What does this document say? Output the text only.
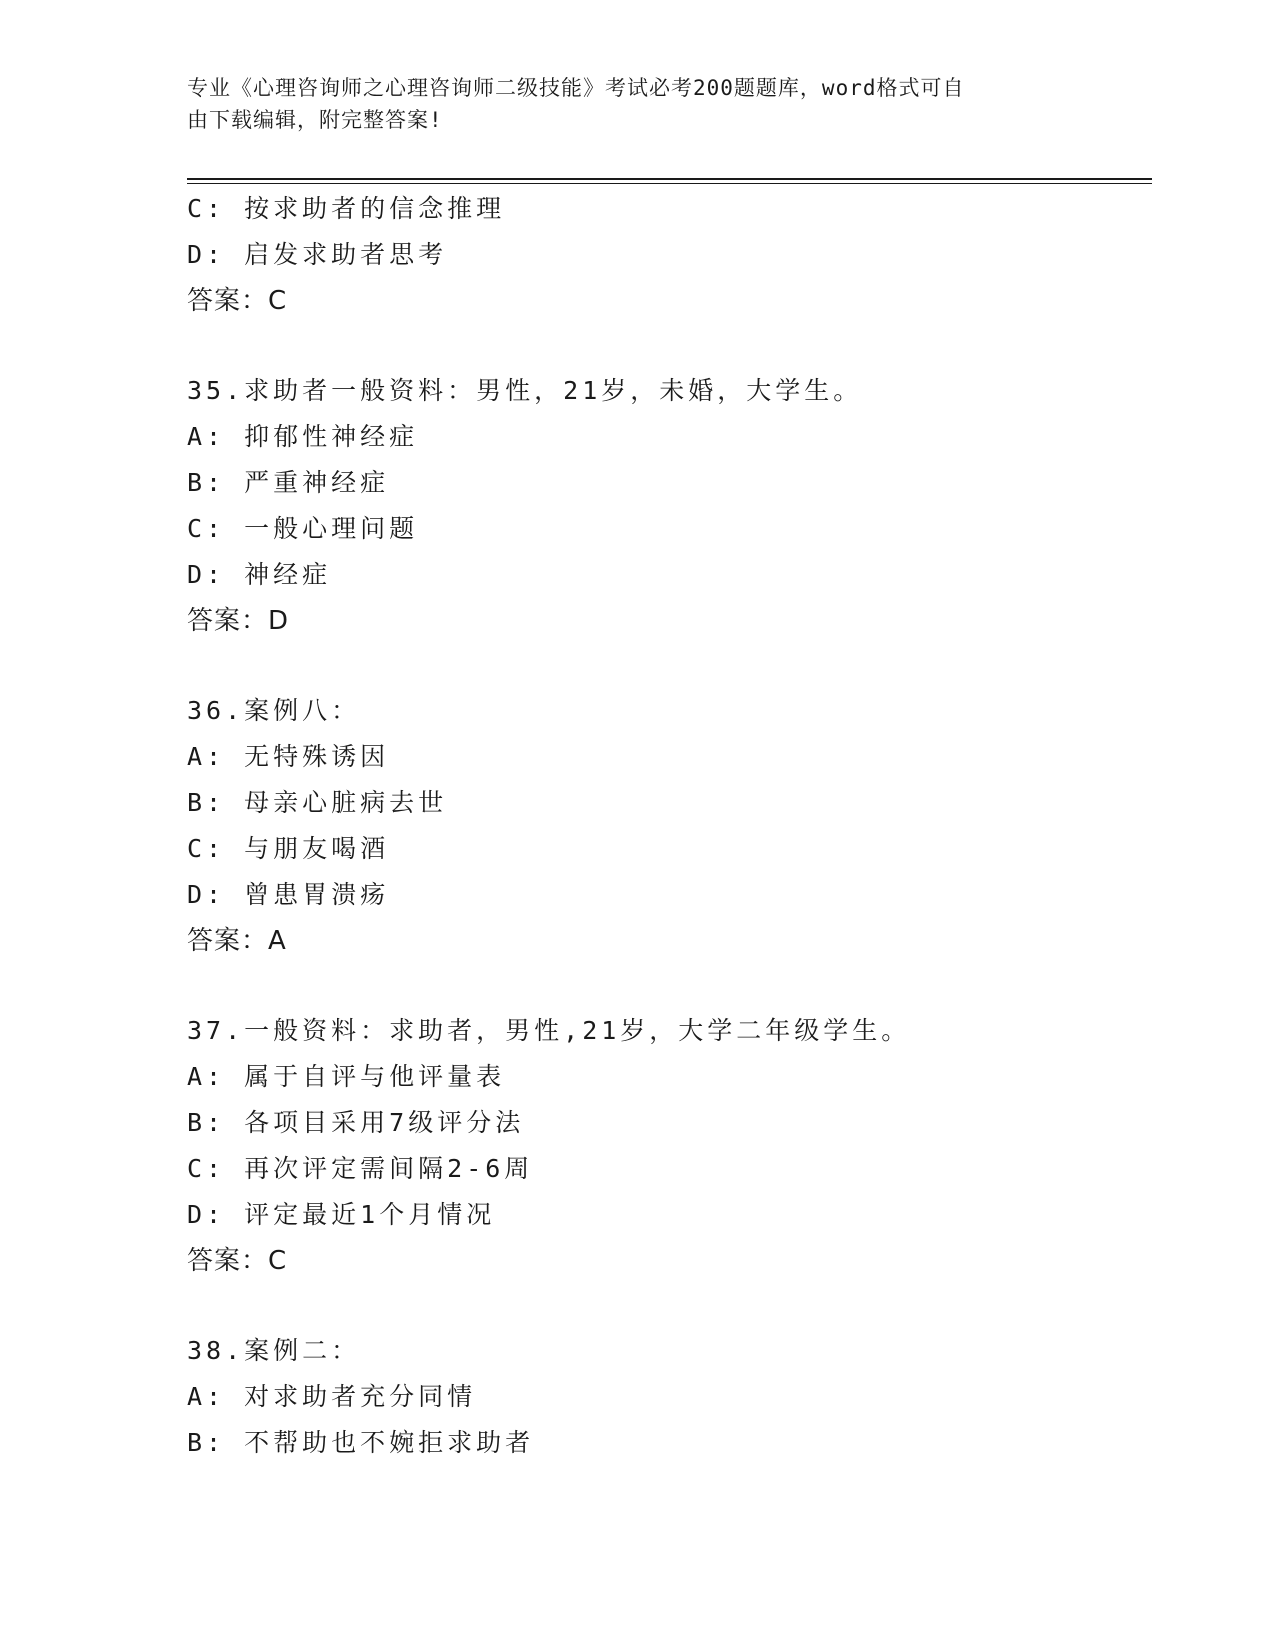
专业《心理咨询师之心理咨询师二级技能》考试必考200题题库，word格式可自
由下载编辑，附完整答案!
C: 按求助者的信念推理
D: 启发求助者思考
答案：C
35.求助者一般资料：男性，21岁，未婚，大学生。
A: 抑郁性神经症
B: 严重神经症
C: 一般心理问题
D: 神经症
答案：D
36.案例八：
A: 无特殊诱因
B: 母亲心脏病去世
C: 与朋友喝酒
D: 曾患胃溃疡
答案：A
37.一般资料：求助者，男性,21岁，大学二年级学生。
A: 属于自评与他评量表
B: 各项目采用7级评分法
C: 再次评定需间隔2-6周
D: 评定最近1个月情况
答案：C
38.案例二：
A: 对求助者充分同情
B: 不帮助也不婉拒求助者
